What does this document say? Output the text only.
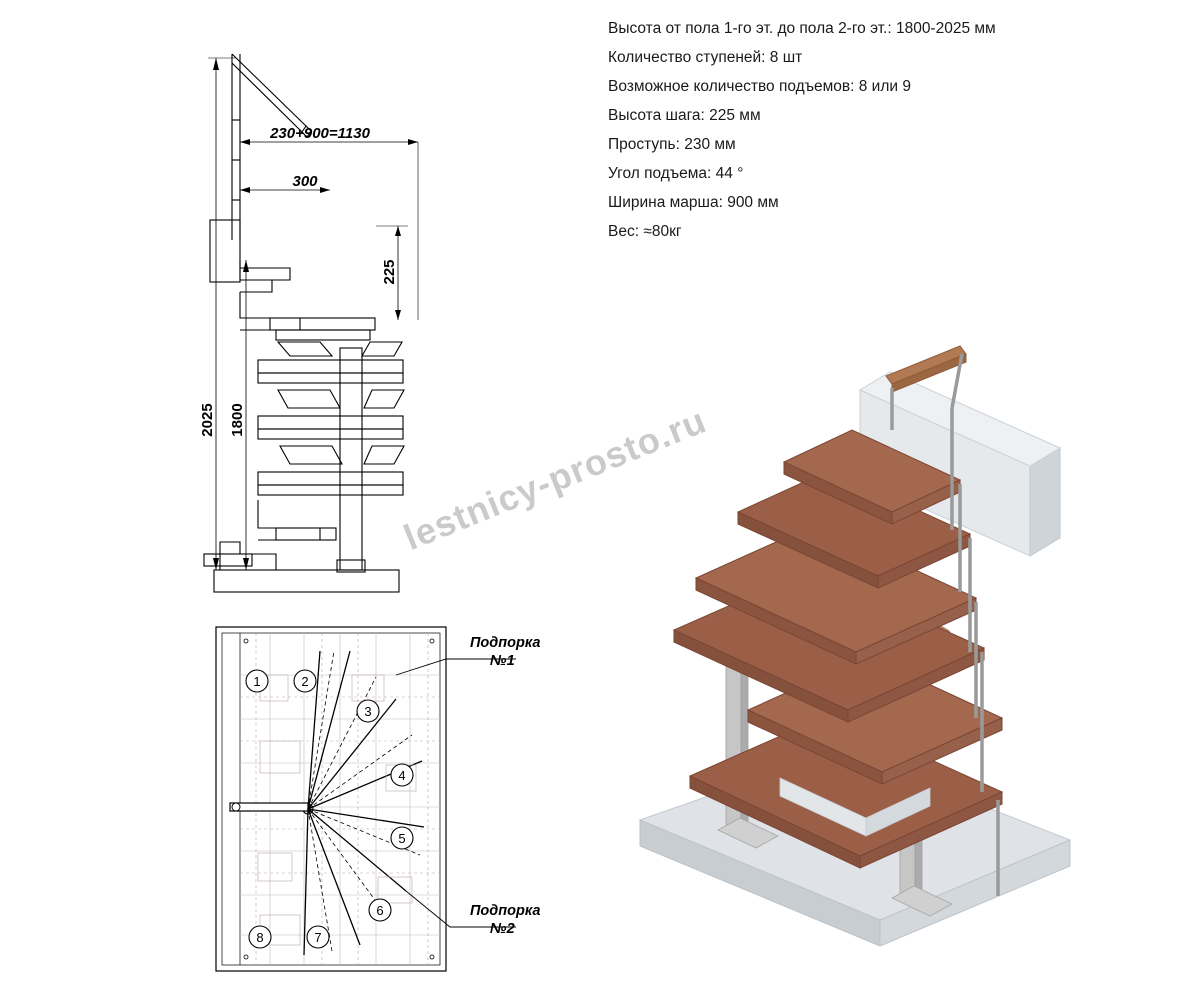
Высота от пола 1-го эт. до пола 2-го эт.: 1800-2025 мм
Количество ступеней: 8 шт
Возможное количество подъемов: 8 или 9
Высота шага: 225 мм
Проступь: 230 мм
Угол подъема: 44 °
Ширина марша: 900 мм
Вес: ≈80кг
230+900=1130
300
225
2025 1800
1	2
3
4
5
6
7
8
Подпорка
№1
Подпорка
№2
lestnicy-prosto.ru
